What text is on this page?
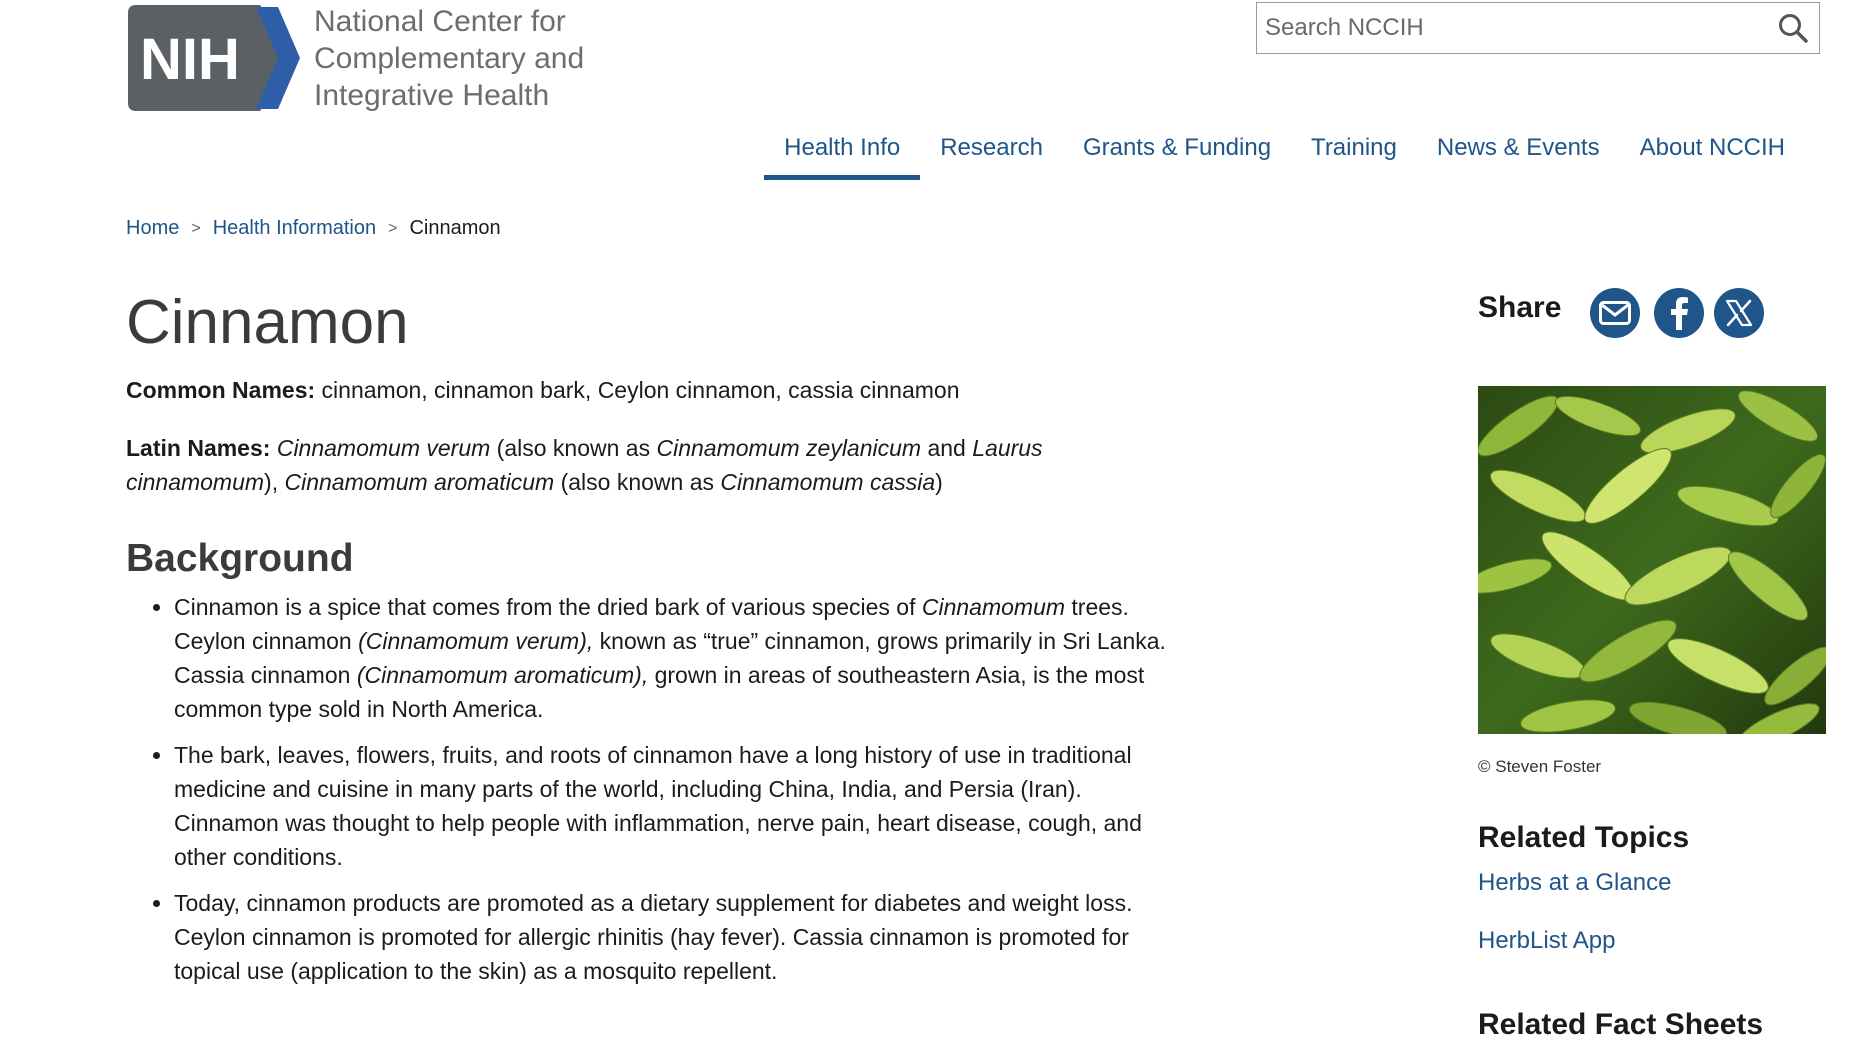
NIH
National Center for
Complementary and
Integrative Health
Search NCCIH
Health Info	Research	Grants & Funding	Training	News & Events	About NCCIH
Home > Health Information > Cinnamon
Cinnamon

Common Names: cinnamon, cinnamon bark, Ceylon cinnamon, cassia cinnamon

Latin Names: Cinnamomum verum (also known as Cinnamomum zeylanicum and Laurus cinnamomum), Cinnamomum aromaticum (also known as Cinnamomum cassia)

Background
• Cinnamon is a spice that comes from the dried bark of various species of Cinnamomum trees. Ceylon cinnamon (Cinnamomum verum), known as “true” cinnamon, grows primarily in Sri Lanka. Cassia cinnamon (Cinnamomum aromaticum), grown in areas of southeastern Asia, is the most common type sold in North America.
• The bark, leaves, flowers, fruits, and roots of cinnamon have a long history of use in traditional medicine and cuisine in many parts of the world, including China, India, and Persia (Iran). Cinnamon was thought to help people with inflammation, nerve pain, heart disease, cough, and other conditions.
• Today, cinnamon products are promoted as a dietary supplement for diabetes and weight loss. Ceylon cinnamon is promoted for allergic rhinitis (hay fever). Cassia cinnamon is promoted for topical use (application to the skin) as a mosquito repellent.
Share
© Steven Foster
Related Topics
Herbs at a Glance
HerbList App
Related Fact Sheets
